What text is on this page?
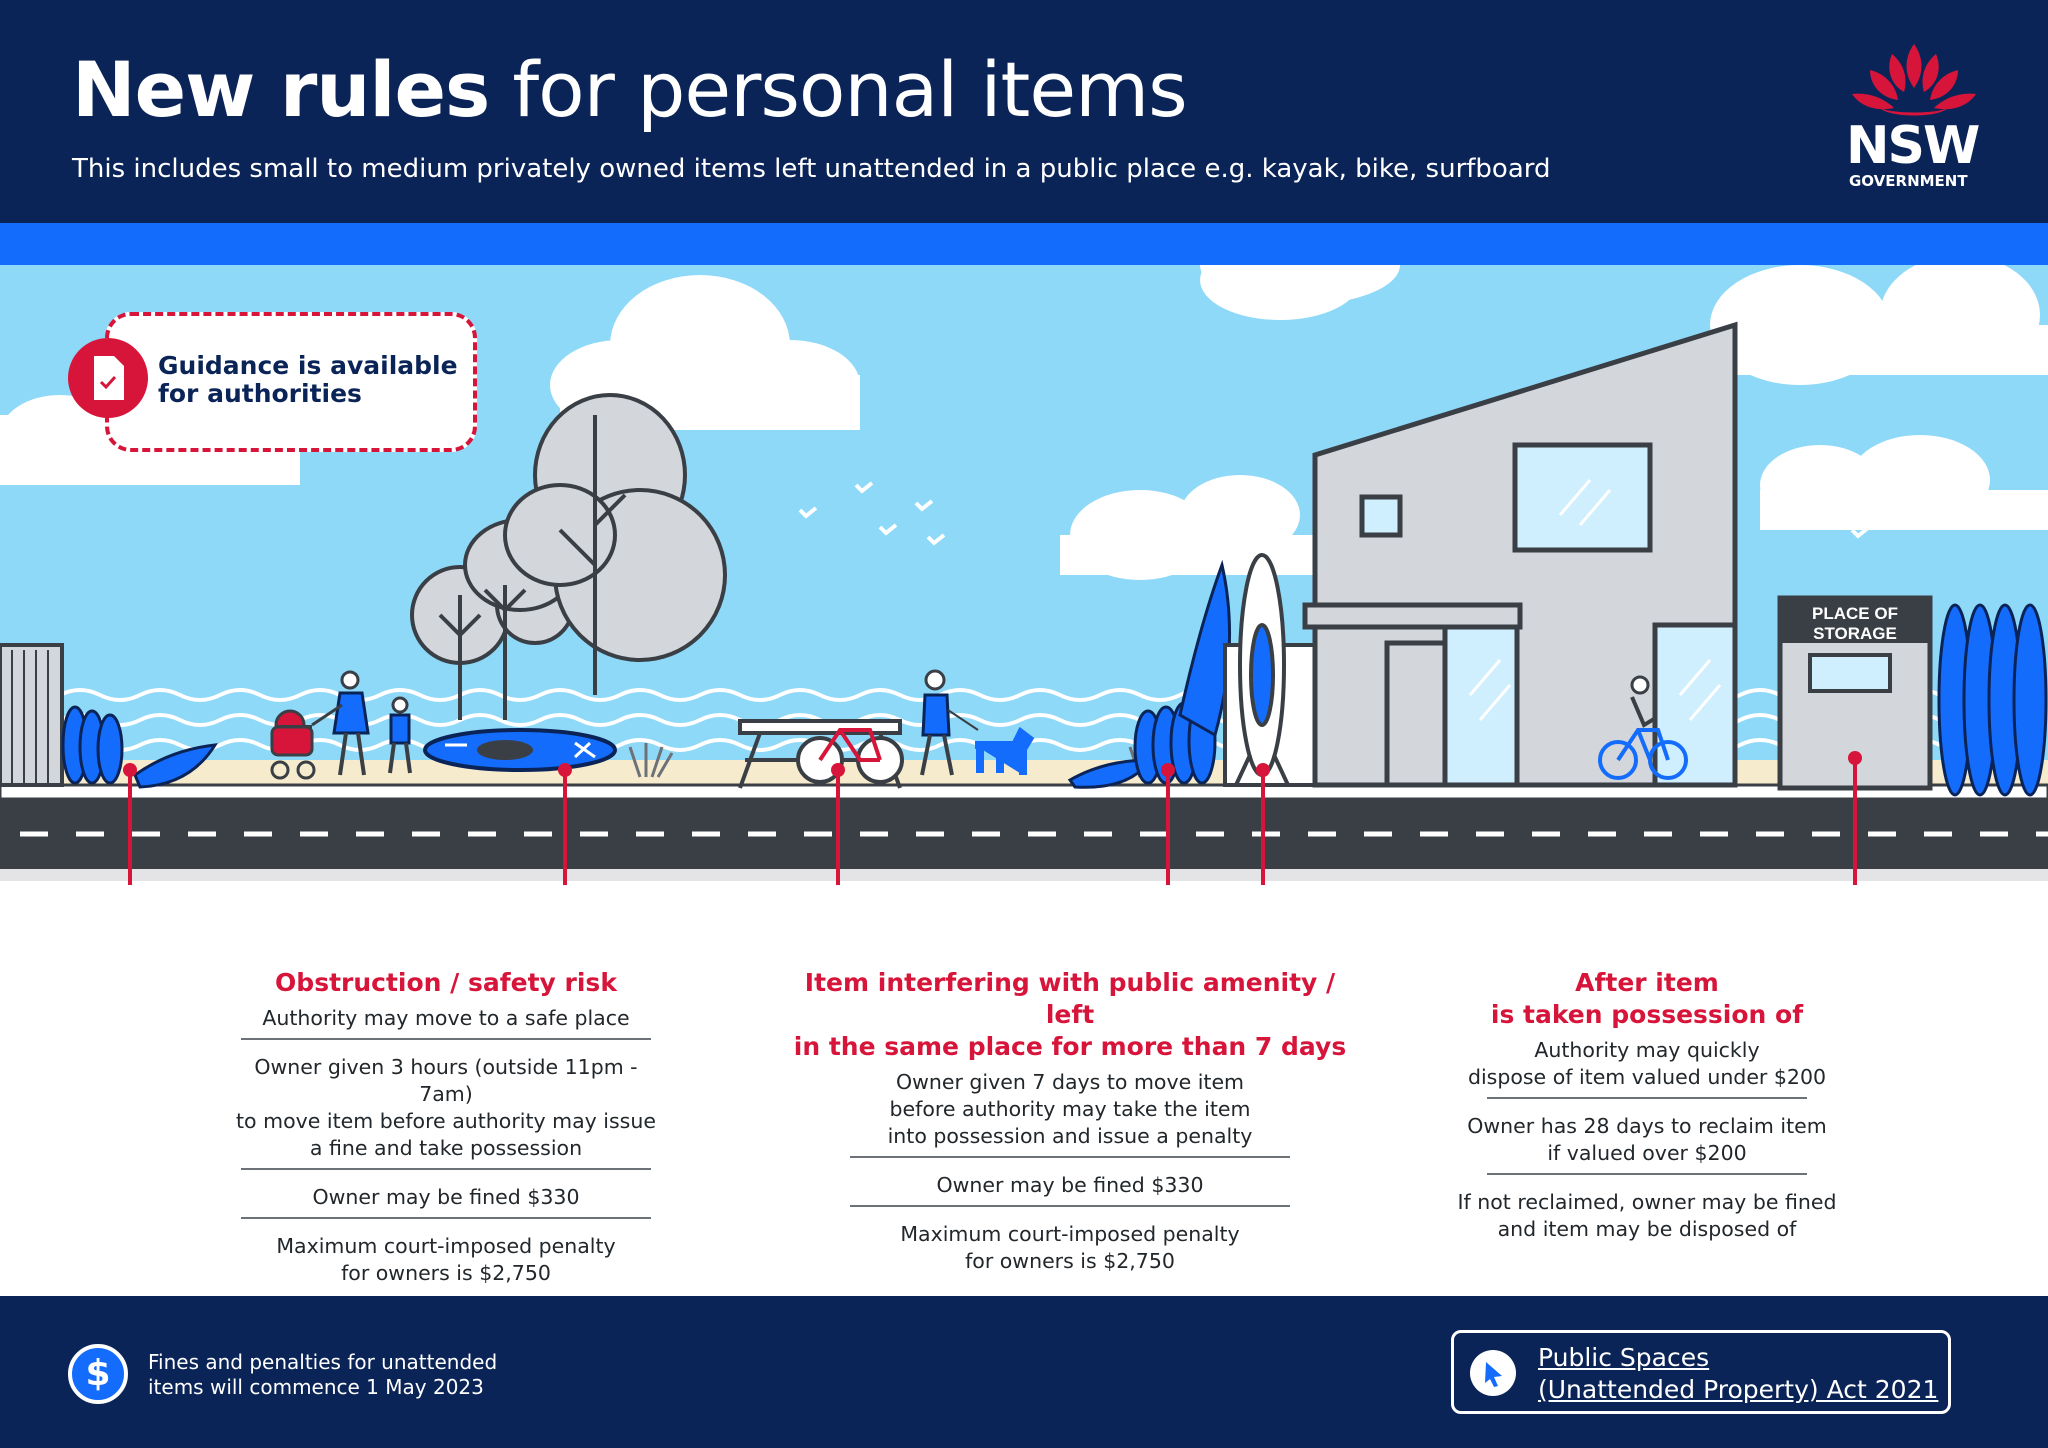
New rules for personal items
This includes small to medium privately owned items left unattended in a public place e.g. kayak, bike, surfboard	NSW
GOVERNMENT
PLACE OF
STORAGE
Guidance is available
for authorities
Obstruction / safety risk
Authority may move to a safe place
Owner given 3 hours (outside 11pm - 7am)
to move item before authority may issue
a fine and take possession
Owner may be fined $330
Maximum court-imposed penalty
for owners is $2,750
Item interfering with public amenity / left
in the same place for more than 7 days
Owner given 7 days to move item
before authority may take the item
into possession and issue a penalty
Owner may be fined $330
Maximum court-imposed penalty
for owners is $2,750
After item
is taken possession of
Authority may quickly
dispose of item valued under $200
Owner has 28 days to reclaim item
if valued over $200
If not reclaimed, owner may be fined
and item may be disposed of
$	Fines and penalties for unattended
items will commence 1 May 2023
Public Spaces
(Unattended Property) Act 2021
